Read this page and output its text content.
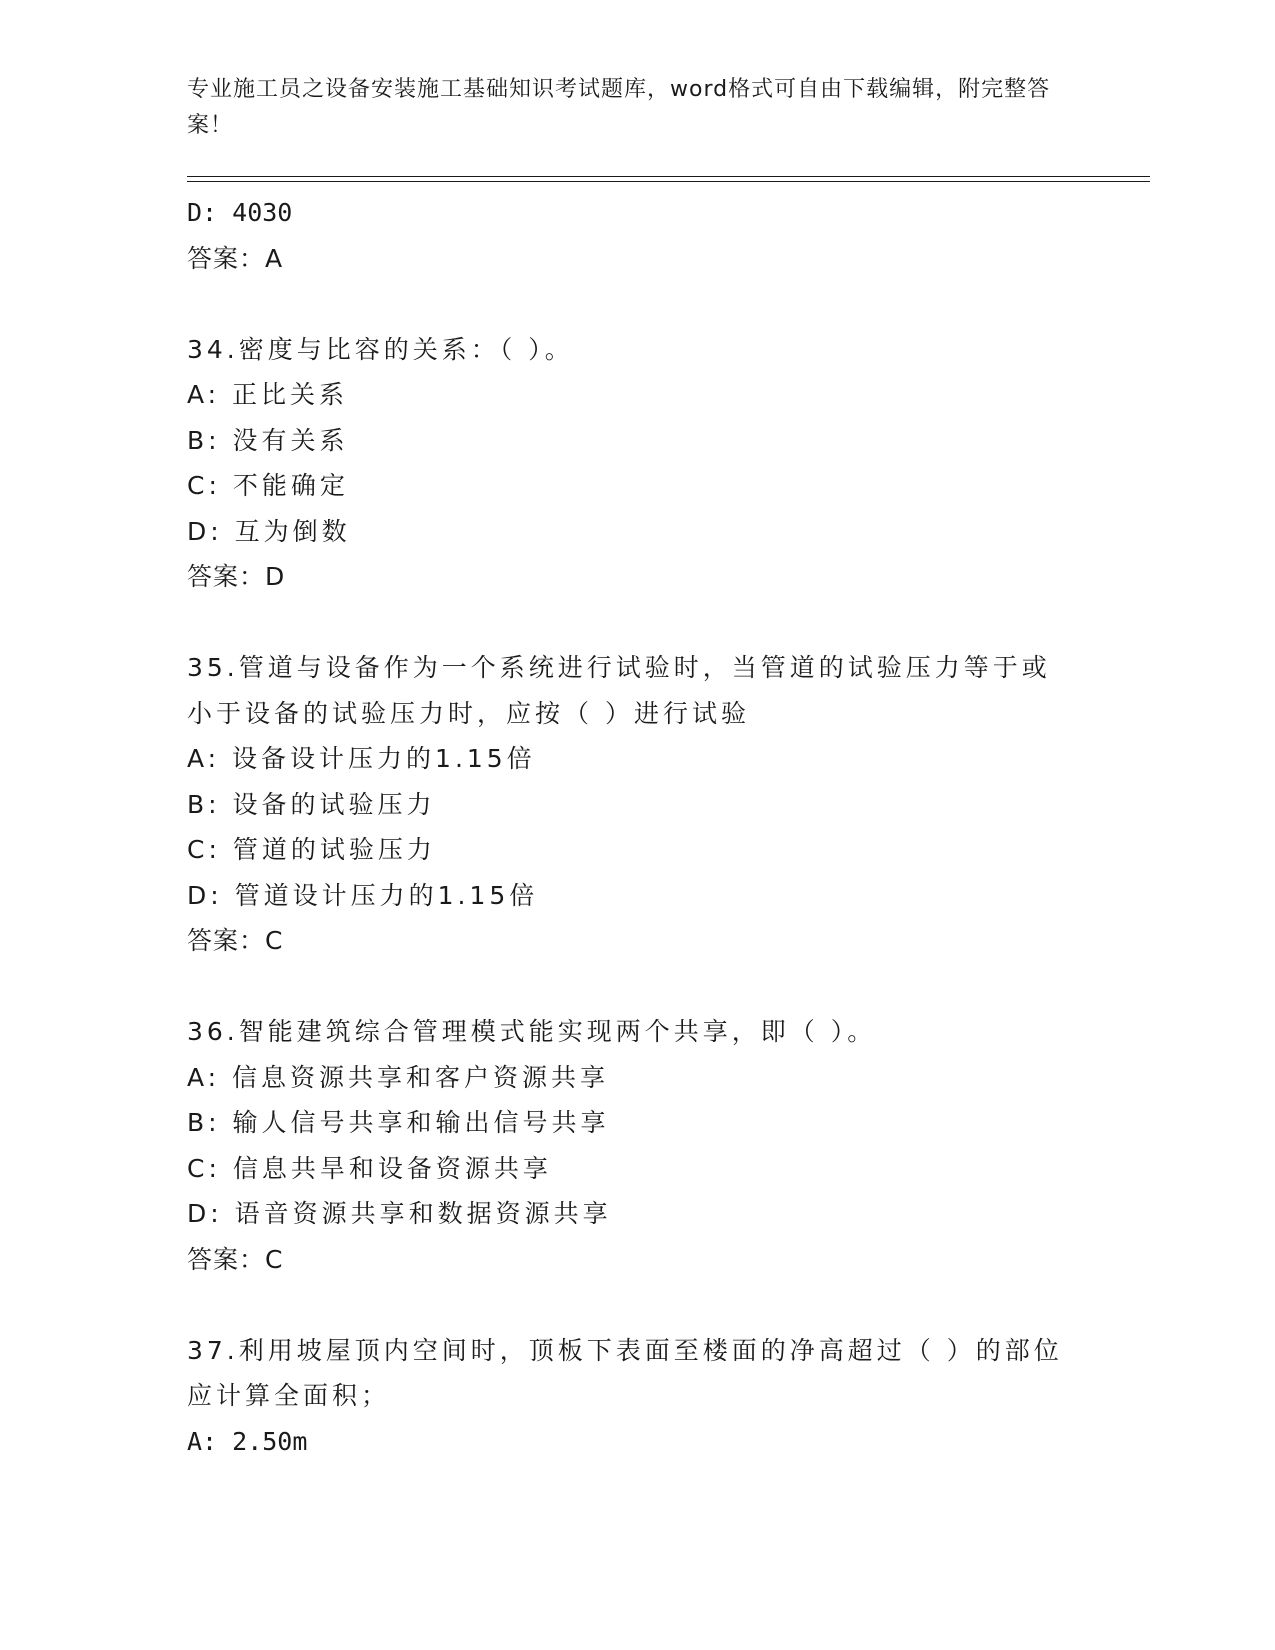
专业施工员之设备安装施工基础知识考试题库，word格式可自由下载编辑，附完整答案！
D: 4030
答案：A
34.密度与比容的关系：（ ）。
A: 正比关系
B: 没有关系
C: 不能确定
D: 互为倒数
答案：D
35.管道与设备作为一个系统进行试验时，当管道的试验压力等于或小于设备的试验压力时，应按（ ）进行试验
A: 设备设计压力的1.15倍
B: 设备的试验压力
C: 管道的试验压力
D: 管道设计压力的1.15倍
答案：C
36.智能建筑综合管理模式能实现两个共享，即（ ）。
A: 信息资源共享和客户资源共享
B: 输人信号共享和输出信号共享
C: 信息共旱和设备资源共享
D: 语音资源共享和数据资源共享
答案：C
37.利用坡屋顶内空间时，顶板下表面至楼面的净高超过（ ）的部位应计算全面积；
A: 2.50m
